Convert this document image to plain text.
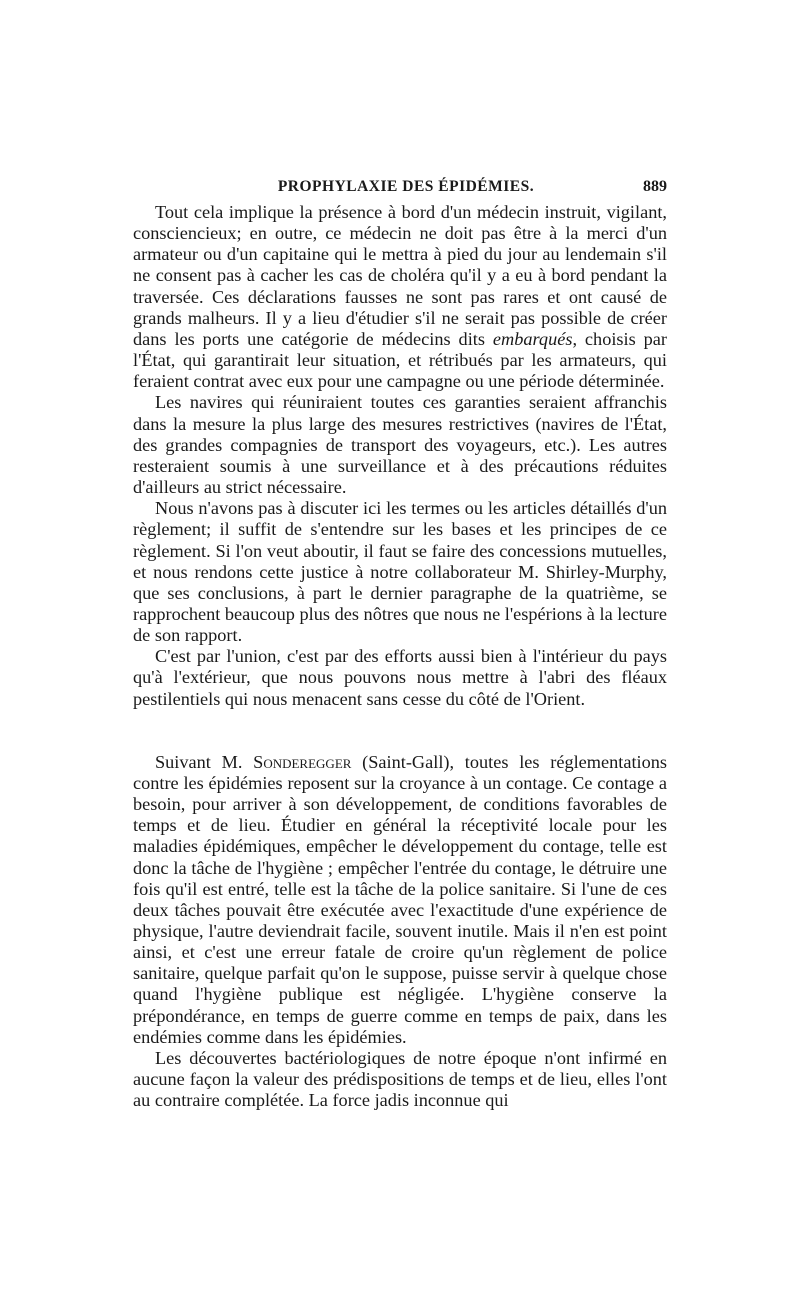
PROPHYLAXIE DES ÉPIDÉMIES.	889

Tout cela implique la présence à bord d'un médecin instruit, vigilant, consciencieux; en outre, ce médecin ne doit pas être à la merci d'un armateur ou d'un capitaine qui le mettra à pied du jour au lendemain s'il ne consent pas à cacher les cas de choléra qu'il y a eu à bord pendant la traversée. Ces déclarations fausses ne sont pas rares et ont causé de grands malheurs. Il y a lieu d'étudier s'il ne serait pas possible de créer dans les ports une catégorie de médecins dits embarqués, choisis par l'État, qui garantirait leur situation, et rétribués par les armateurs, qui feraient contrat avec eux pour une campagne ou une période déterminée.

Les navires qui réuniraient toutes ces garanties seraient affranchis dans la mesure la plus large des mesures restrictives (navires de l'État, des grandes compagnies de transport des voyageurs, etc.). Les autres resteraient soumis à une surveillance et à des précautions réduites d'ailleurs au strict nécessaire.

Nous n'avons pas à discuter ici les termes ou les articles détaillés d'un règlement; il suffit de s'entendre sur les bases et les principes de ce règlement. Si l'on veut aboutir, il faut se faire des concessions mutuelles, et nous rendons cette justice à notre collaborateur M. Shirley-Murphy, que ses conclusions, à part le dernier paragraphe de la quatrième, se rapprochent beaucoup plus des nôtres que nous ne l'espérions à la lecture de son rapport.

C'est par l'union, c'est par des efforts aussi bien à l'intérieur du pays qu'à l'extérieur, que nous pouvons nous mettre à l'abri des fléaux pestilentiels qui nous menacent sans cesse du côté de l'Orient.

Suivant M. Sonderegger (Saint-Gall), toutes les réglementations contre les épidémies reposent sur la croyance à un contage. Ce contage a besoin, pour arriver à son développement, de conditions favorables de temps et de lieu. Étudier en général la réceptivité locale pour les maladies épidémiques, empêcher le développement du contage, telle est donc la tâche de l'hygiène ; empêcher l'entrée du contage, le détruire une fois qu'il est entré, telle est la tâche de la police sanitaire. Si l'une de ces deux tâches pouvait être exécutée avec l'exactitude d'une expérience de physique, l'autre deviendrait facile, souvent inutile. Mais il n'en est point ainsi, et c'est une erreur fatale de croire qu'un règlement de police sanitaire, quelque parfait qu'on le suppose, puisse servir à quelque chose quand l'hygiène publique est négligée. L'hygiène conserve la prépondérance, en temps de guerre comme en temps de paix, dans les endémies comme dans les épidémies.

Les découvertes bactériologiques de notre époque n'ont infirmé en aucune façon la valeur des prédispositions de temps et de lieu, elles l'ont au contraire complétée. La force jadis inconnue qui
